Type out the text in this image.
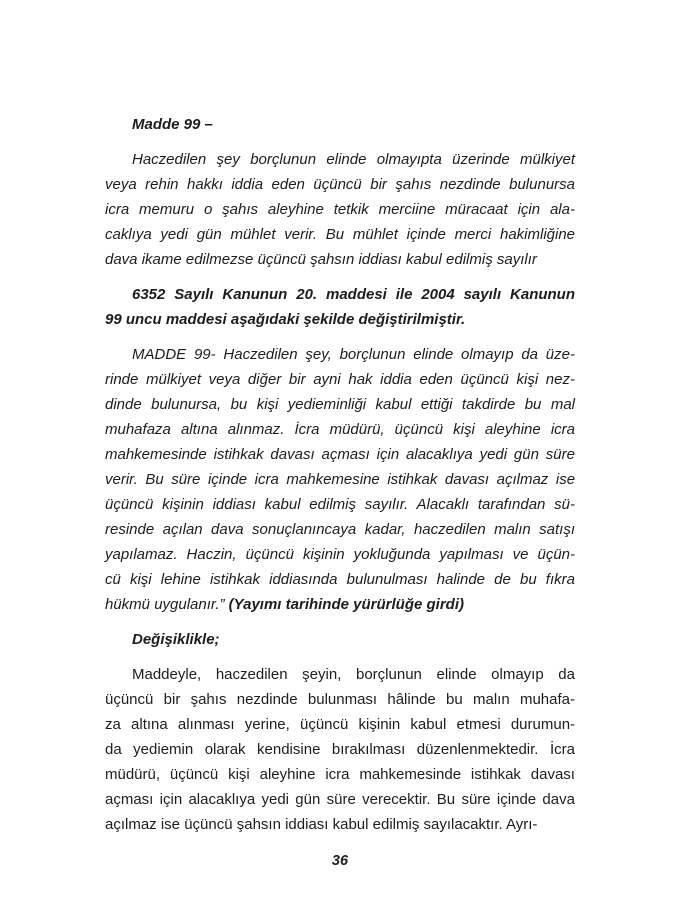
Madde 99 –
Haczedilen şey borçlunun elinde olmayıpta üzerinde mülkiyet
veya rehin hakkı iddia eden üçüncü bir şahıs nezdinde bulunursa
icra memuru o şahıs aleyhine tetkik merciine müracaat için ala-
caklıya yedi gün mühlet verir. Bu mühlet içinde merci hakimliğine
dava ikame edilmezse üçüncü şahsın iddiası kabul edilmiş sayılır
6352 Sayılı Kanunun 20. maddesi ile 2004 sayılı Kanunun
99 uncu maddesi aşağıdaki şekilde değiştirilmiştir.
MADDE 99- Haczedilen şey, borçlunun elinde olmayıp da üze-
rinde mülkiyet veya diğer bir ayni hak iddia eden üçüncü kişi nez-
dinde bulunursa, bu kişi yedieminliği kabul ettiği takdirde bu mal
muhafaza altına alınmaz. İcra müdürü, üçüncü kişi aleyhine icra
mahkemesinde istihkak davası açması için alacaklıya yedi gün süre
verir. Bu süre içinde icra mahkemesine istihkak davası açılmaz ise
üçüncü kişinin iddiası kabul edilmiş sayılır. Alacaklı tarafından sü-
resinde açılan dava sonuçlanıncaya kadar, haczedilen malın satışı
yapılamaz. Haczin, üçüncü kişinin yokluğunda yapılması ve üçün-
cü kişi lehine istihkak iddiasında bulunulması halinde de bu fıkra
hükmü uygulanır.” (Yayımı tarihinde yürürlüğe girdi)
Değişiklikle;
Maddeyle, haczedilen şeyin, borçlunun elinde olmayıp da
üçüncü bir şahıs nezdinde bulunması hâlinde bu malın muhafa-
za altına alınması yerine, üçüncü kişinin kabul etmesi durumun-
da yediemin olarak kendisine bırakılması düzenlenmektedir. İcra
müdürü, üçüncü kişi aleyhine icra mahkemesinde istihkak davası
açması için alacaklıya yedi gün süre verecektir. Bu süre içinde dava
açılmaz ise üçüncü şahsın iddiası kabul edilmiş sayılacaktır. Ayrı-
36
